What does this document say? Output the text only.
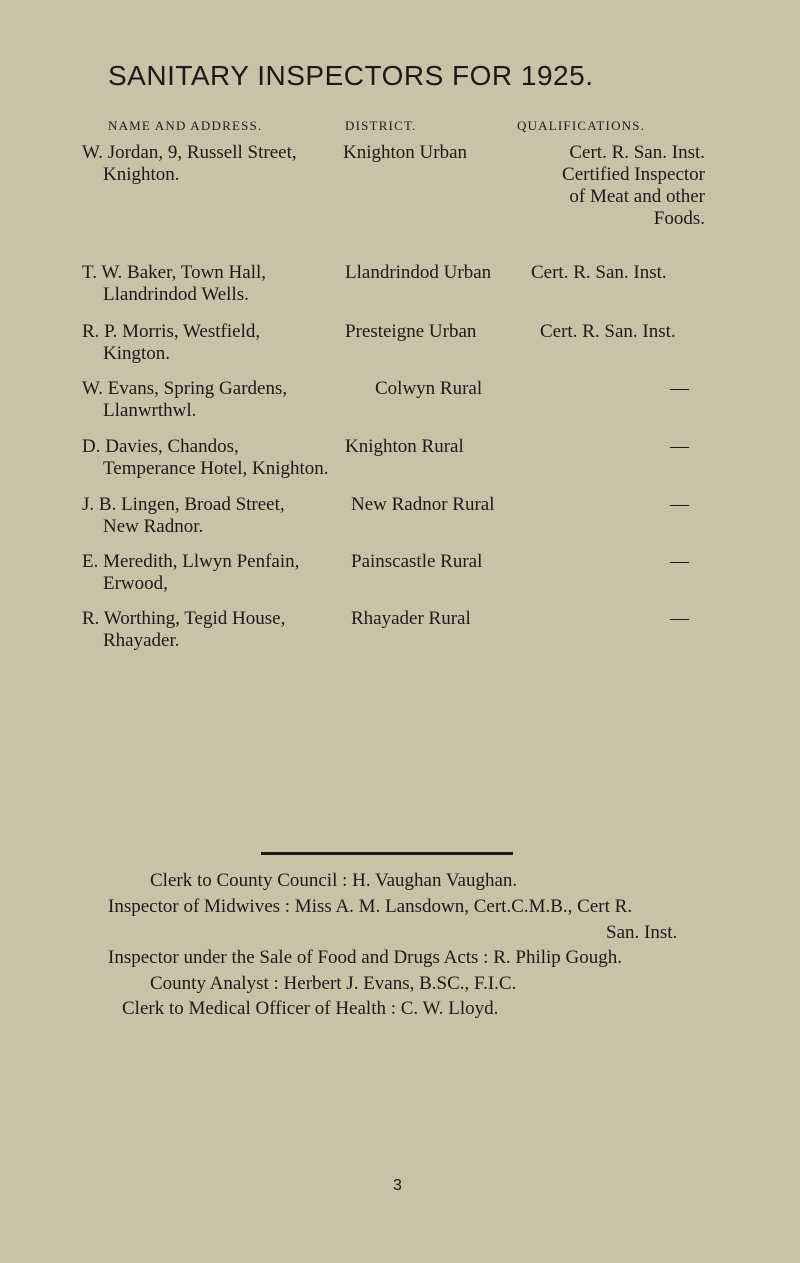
SANITARY INSPECTORS FOR 1925.
NAME AND ADDRESS.	DISTRICT.	QUALIFICATIONS.
W. Jordan, 9, Russell Street,
Knighton.
Knighton Urban	Cert. R. San. Inst.
Certified Inspector
of Meat and other
Foods.
T. W. Baker, Town Hall,
Llandrindod Wells.
Llandrindod Urban Cert. R. San. Inst.
R. P. Morris, Westfield,
Kington.
Presteigne Urban	Cert. R. San. Inst.
W. Evans, Spring Gardens,
Llanwrthwl.
Colwyn Rural	—
D. Davies, Chandos,
Temperance Hotel, Knighton.
Knighton Rural	—
J. B. Lingen, Broad Street,
New Radnor.
New Radnor Rural	—
E. Meredith, Llwyn Penfain,
Erwood,
Painscastle Rural	—
R. Worthing, Tegid House,
Rhayader.
Rhayader Rural	—
Clerk to County Council : H. Vaughan Vaughan.
Inspector of Midwives : Miss A. M. Lansdown, Cert.C.M.B., Cert R.
San. Inst.
Inspector under the Sale of Food and Drugs Acts : R. Philip Gough.
County Analyst : Herbert J. Evans, B.SC., F.I.C.
Clerk to Medical Officer of Health : C. W. Lloyd.
3
